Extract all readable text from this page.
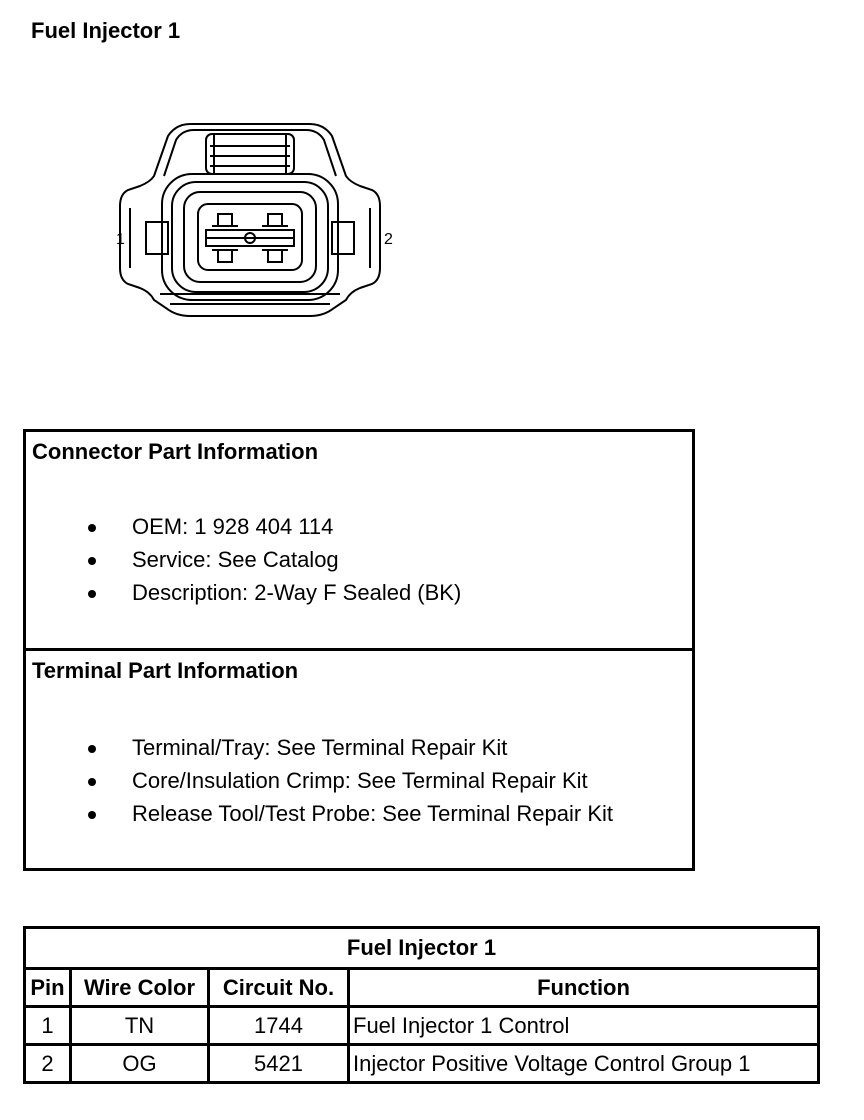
Fuel Injector 1
1	2
Connector Part Information
OEM: 1 928 404 114
Service: See Catalog
Description: 2-Way F Sealed (BK)
Terminal Part Information
Terminal/Tray: See Terminal Repair Kit
Core/Insulation Crimp: See Terminal Repair Kit
Release Tool/Test Probe: See Terminal Repair Kit
Fuel Injector 1			
Pin	Wire Color	Circuit No.	Function
1	TN	1744	Fuel Injector 1 Control
2	OG	5421	Injector Positive Voltage Control Group 1
